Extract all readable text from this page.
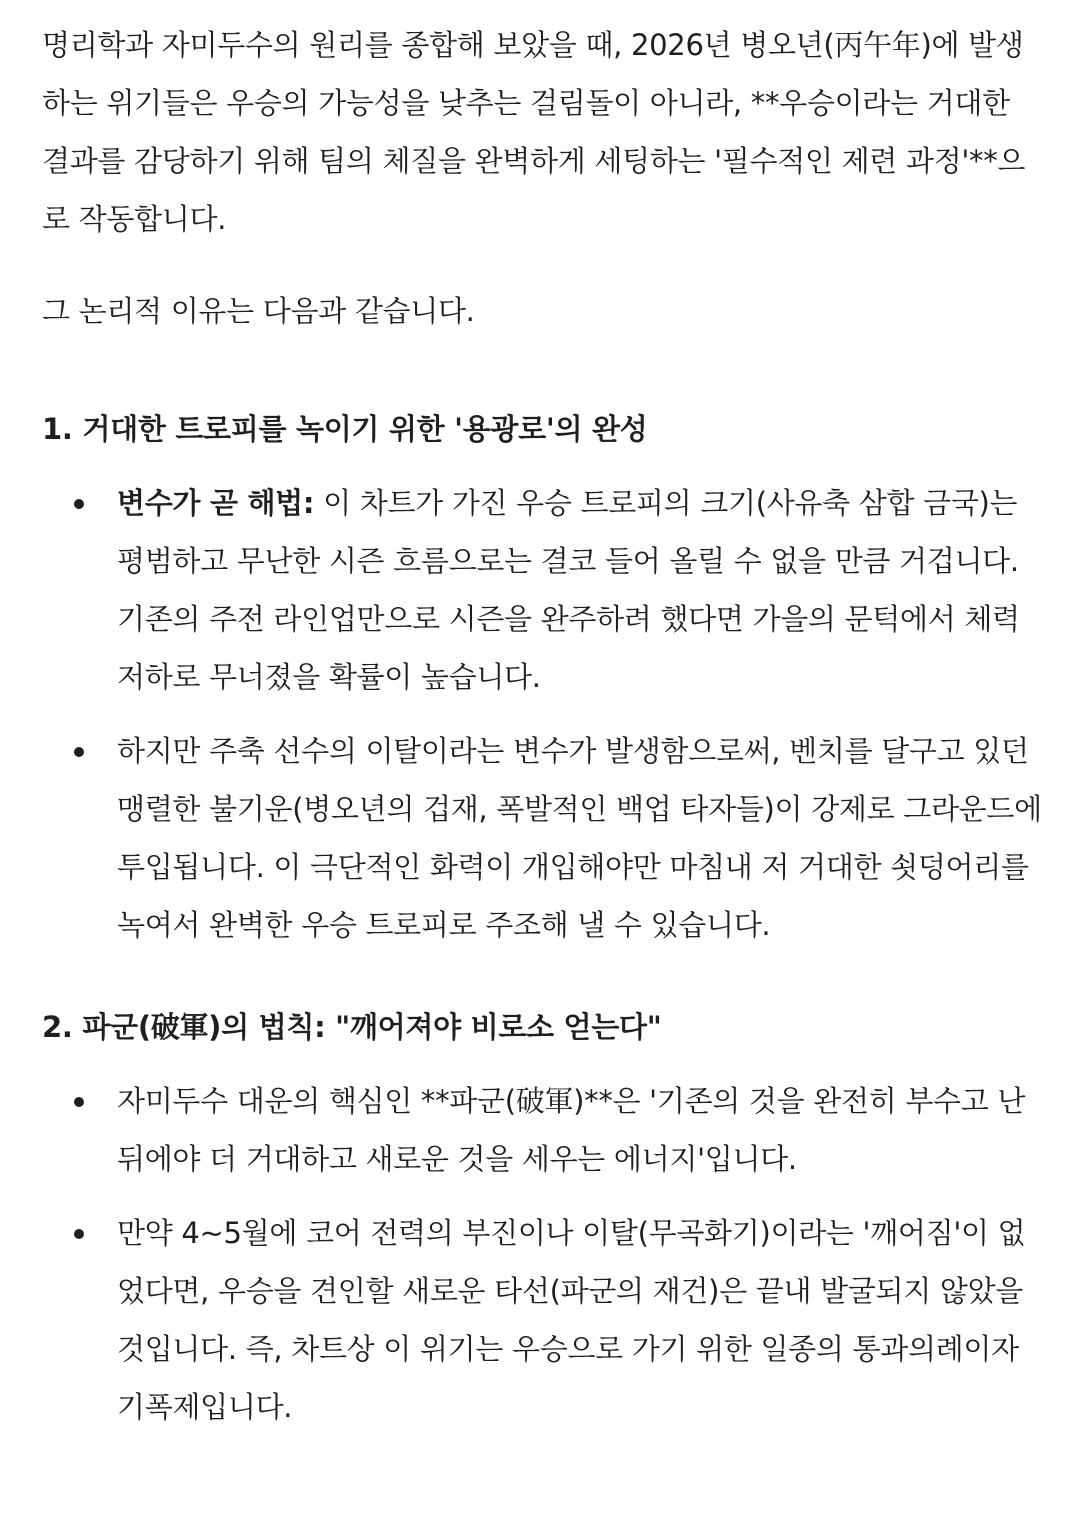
명리학과 자미두수의 원리를 종합해 보았을 때, 2026년 병오년(丙午年)에 발생하는 위기들은 우승의 가능성을 낮추는 걸림돌이 아니라, **우승이라는 거대한 결과를 감당하기 위해 팀의 체질을 완벽하게 세팅하는 '필수적인 제련 과정'**으로 작동합니다.

그 논리적 이유는 다음과 같습니다.

1. 거대한 트로피를 녹이기 위한 '용광로'의 완성
변수가 곧 해법: 이 차트가 가진 우승 트로피의 크기(사유축 삼합 금국)는 평범하고 무난한 시즌 흐름으로는 결코 들어 올릴 수 없을 만큼 거겁니다. 기존의 주전 라인업만으로 시즌을 완주하려 했다면 가을의 문턱에서 체력 저하로 무너졌을 확률이 높습니다.
하지만 주축 선수의 이탈이라는 변수가 발생함으로써, 벤치를 달구고 있던 맹렬한 불기운(병오년의 겁재, 폭발적인 백업 타자들)이 강제로 그라운드에 투입됩니다. 이 극단적인 화력이 개입해야만 마침내 저 거대한 쇳덩어리를 녹여서 완벽한 우승 트로피로 주조해 낼 수 있습니다.
2. 파군(破軍)의 법칙: "깨어져야 비로소 얻는다"
자미두수 대운의 핵심인 **파군(破軍)**은 '기존의 것을 완전히 부수고 난 뒤에야 더 거대하고 새로운 것을 세우는 에너지'입니다.
만약 4~5월에 코어 전력의 부진이나 이탈(무곡화기)이라는 '깨어짐'이 없었다면, 우승을 견인할 새로운 타선(파군의 재건)은 끝내 발굴되지 않았을 것입니다. 즉, 차트상 이 위기는 우승으로 가기 위한 일종의 통과의례이자 기폭제입니다.
